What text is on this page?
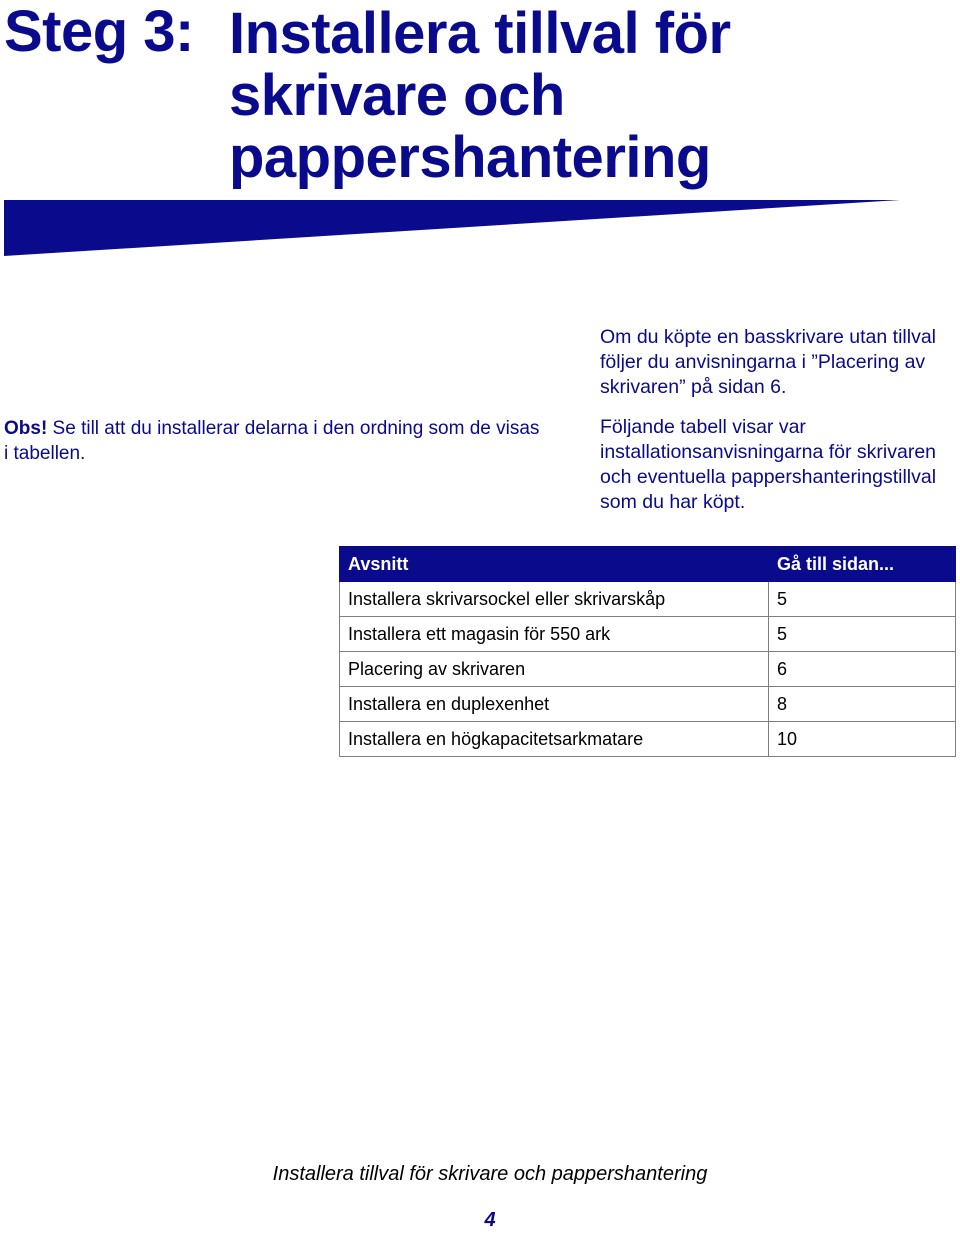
Steg 3: Installera tillval för
skrivare och
pappershantering
Obs! Se till att du installerar delarna i den ordning som de visas i tabellen.

Om du köpte en basskrivare utan tillval följer du anvisningarna i ”Placering av skrivaren” på sidan 6.

Följande tabell visar var installationsanvisningarna för skrivaren och eventuella pappershanteringstillval som du har köpt.

Avsnitt	Gå till sidan...
Installera skrivarsockel eller skrivarskåp	5
Installera ett magasin för 550 ark	5
Placering av skrivaren	6
Installera en duplexenhet	8
Installera en högkapacitetsarkmatare	10
Installera tillval för skrivare och pappershantering
4
